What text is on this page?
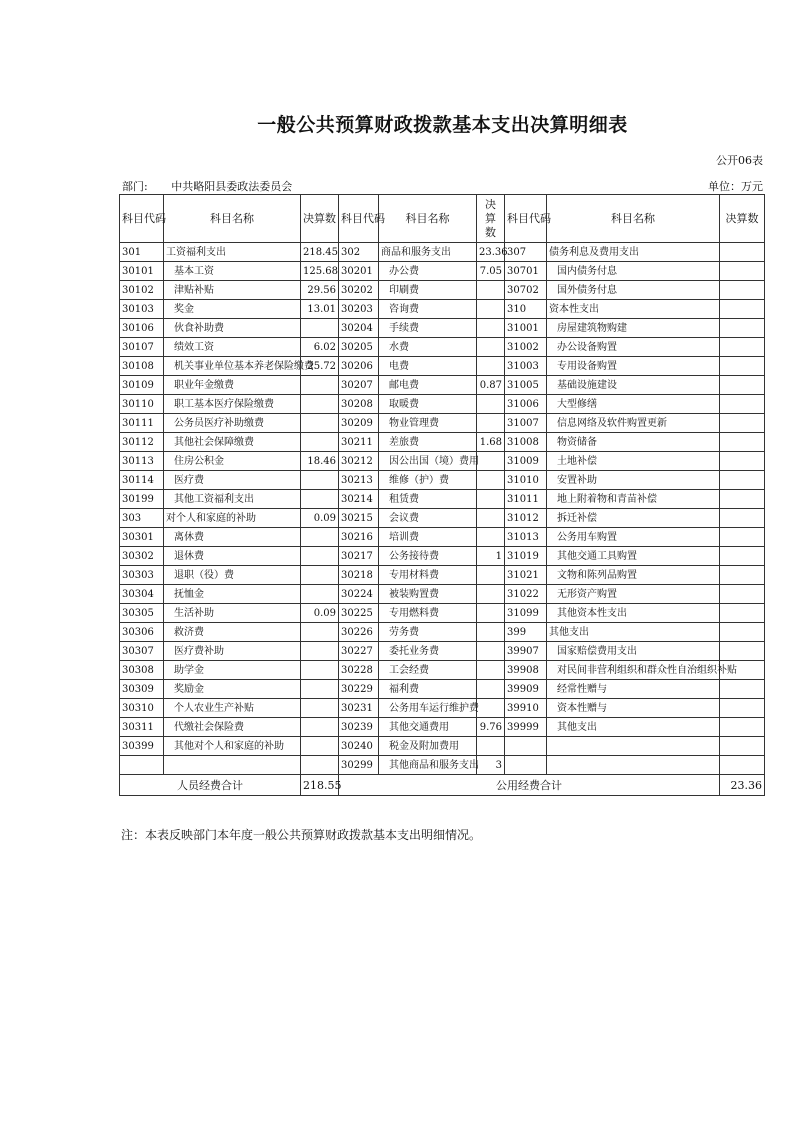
一般公共预算财政拨款基本支出决算明细表
公开06表
部门: 中共略阳县委政法委员会	单位：万元
科目代码	科目名称	决算数	科目代码	科目名称	决算数	科目代码	科目名称	决算数
301	工资福利支出	218.45	302	商品和服务支出	23.36	307	债务利息及费用支出	
30101	基本工资	125.68	30201	办公费	7.05	30701	国内债务付息	
30102	津贴补贴	29.56	30202	印刷费		30702	国外债务付息	
30103	奖金	13.01	30203	咨询费		310	资本性支出	
30106	伙食补助费		30204	手续费		31001	房屋建筑物购建	
30107	绩效工资	6.02	30205	水费		31002	办公设备购置	
30108	机关事业单位基本养老保险缴费	25.72	30206	电费		31003	专用设备购置	
30109	职业年金缴费		30207	邮电费	0.87	31005	基础设施建设	
30110	职工基本医疗保险缴费		30208	取暖费		31006	大型修缮	
30111	公务员医疗补助缴费		30209	物业管理费		31007	信息网络及软件购置更新	
30112	其他社会保障缴费		30211	差旅费	1.68	31008	物资储备	
30113	住房公积金	18.46	30212	因公出国（境）费用		31009	土地补偿	
30114	医疗费		30213	维修（护）费		31010	安置补助	
30199	其他工资福利支出		30214	租赁费		31011	地上附着物和青苗补偿	
303	对个人和家庭的补助	0.09	30215	会议费		31012	拆迁补偿	
30301	离休费		30216	培训费		31013	公务用车购置	
30302	退休费		30217	公务接待费	1	31019	其他交通工具购置	
30303	退职（役）费		30218	专用材料费		31021	文物和陈列品购置	
30304	抚恤金		30224	被装购置费		31022	无形资产购置	
30305	生活补助	0.09	30225	专用燃料费		31099	其他资本性支出	
30306	救济费		30226	劳务费		399	其他支出	
30307	医疗费补助		30227	委托业务费		39907	国家赔偿费用支出	
30308	助学金		30228	工会经费		39908	对民间非营利组织和群众性自治组织补贴	
30309	奖励金		30229	福利费		39909	经常性赠与	
30310	个人农业生产补贴		30231	公务用车运行维护费		39910	资本性赠与	
30311	代缴社会保险费		30239	其他交通费用	9.76	39999	其他支出	
30399	其他对个人和家庭的补助		30240	税金及附加费用				
			30299	其他商品和服务支出	3			
人员经费合计		218.55	公用经费合计					23.36
注：本表反映部门本年度一般公共预算财政拨款基本支出明细情况。
